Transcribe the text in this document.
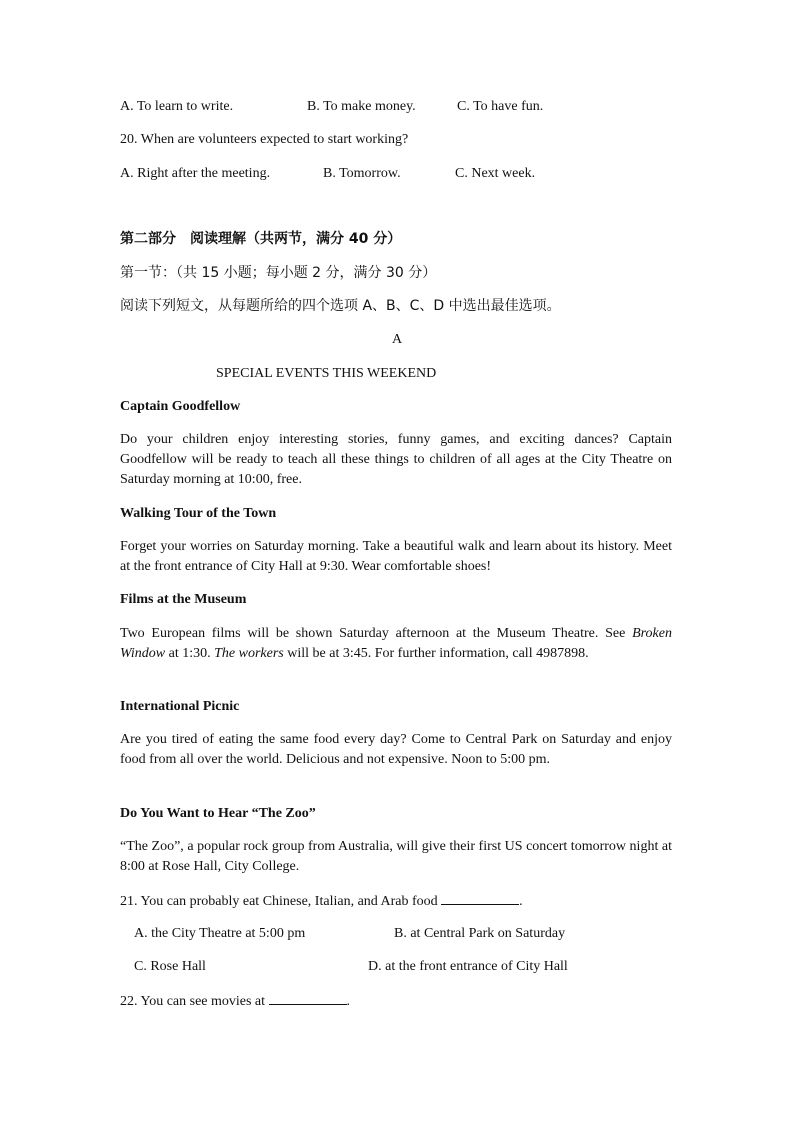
A. To learn to write.	B. To make money.	C. To have fun.
20. When are volunteers expected to start working?
A. Right after the meeting.	B. Tomorrow.	C. Next week.
第二部分　阅读理解（共两节，满分 40 分）
第一节：（共 15 小题；每小题 2 分，满分 30 分）
阅读下列短文，从每题所给的四个选项 A、B、C、D 中选出最佳选项。
A
SPECIAL EVENTS THIS WEEKEND
Captain Goodfellow
Do your children enjoy interesting stories, funny games, and exciting dances? Captain Goodfellow will be ready to teach all these things to children of all ages at the City Theatre on Saturday morning at 10:00, free.
Walking Tour of the Town
Forget your worries on Saturday morning. Take a beautiful walk and learn about its history. Meet at the front entrance of City Hall at 9:30. Wear comfortable shoes!
Films at the Museum
Two European films will be shown Saturday afternoon at the Museum Theatre. See Broken Window at 1:30. The workers will be at 3:45. For further information, call 4987898.
International Picnic
Are you tired of eating the same food every day? Come to Central Park on Saturday and enjoy food from all over the world. Delicious and not expensive. Noon to 5:00 pm.
Do You Want to Hear “The Zoo”
“The Zoo”, a popular rock group from Australia, will give their first US concert tomorrow night at 8:00 at Rose Hall, City College.
21. You can probably eat Chinese, Italian, and Arab food	.
A. the City Theatre at 5:00 pm	B. at Central Park on Saturday
C. Rose Hall	D. at the front entrance of City Hall
22. You can see movies at	.
